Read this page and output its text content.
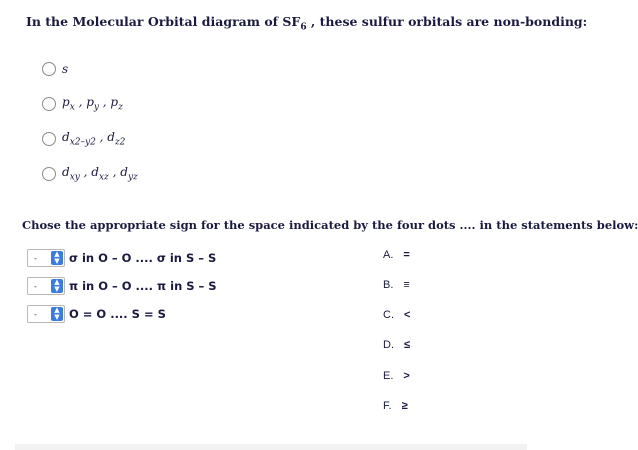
In the Molecular Orbital diagram of $SF_6$ , these sulfur orbitals are non-bonding:
s
$p_x$ , $p_y$ , $p_z$
$d_{x2-y2}$ , $d_{z2}$
$d_{xy}$ , $d_{xz}$ , $d_{yz}$
Chose the appropriate sign for the space indicated by the four dots .... in the statements below:
-	▲
▼ σ in O – O .... σ in S – S
-	▲
▼ π in O – O .... π in S – S
-	▲
▼ O = O .... S = S
A. =
B. ≡
C. <
D. ≤
E. >
F. ≥
